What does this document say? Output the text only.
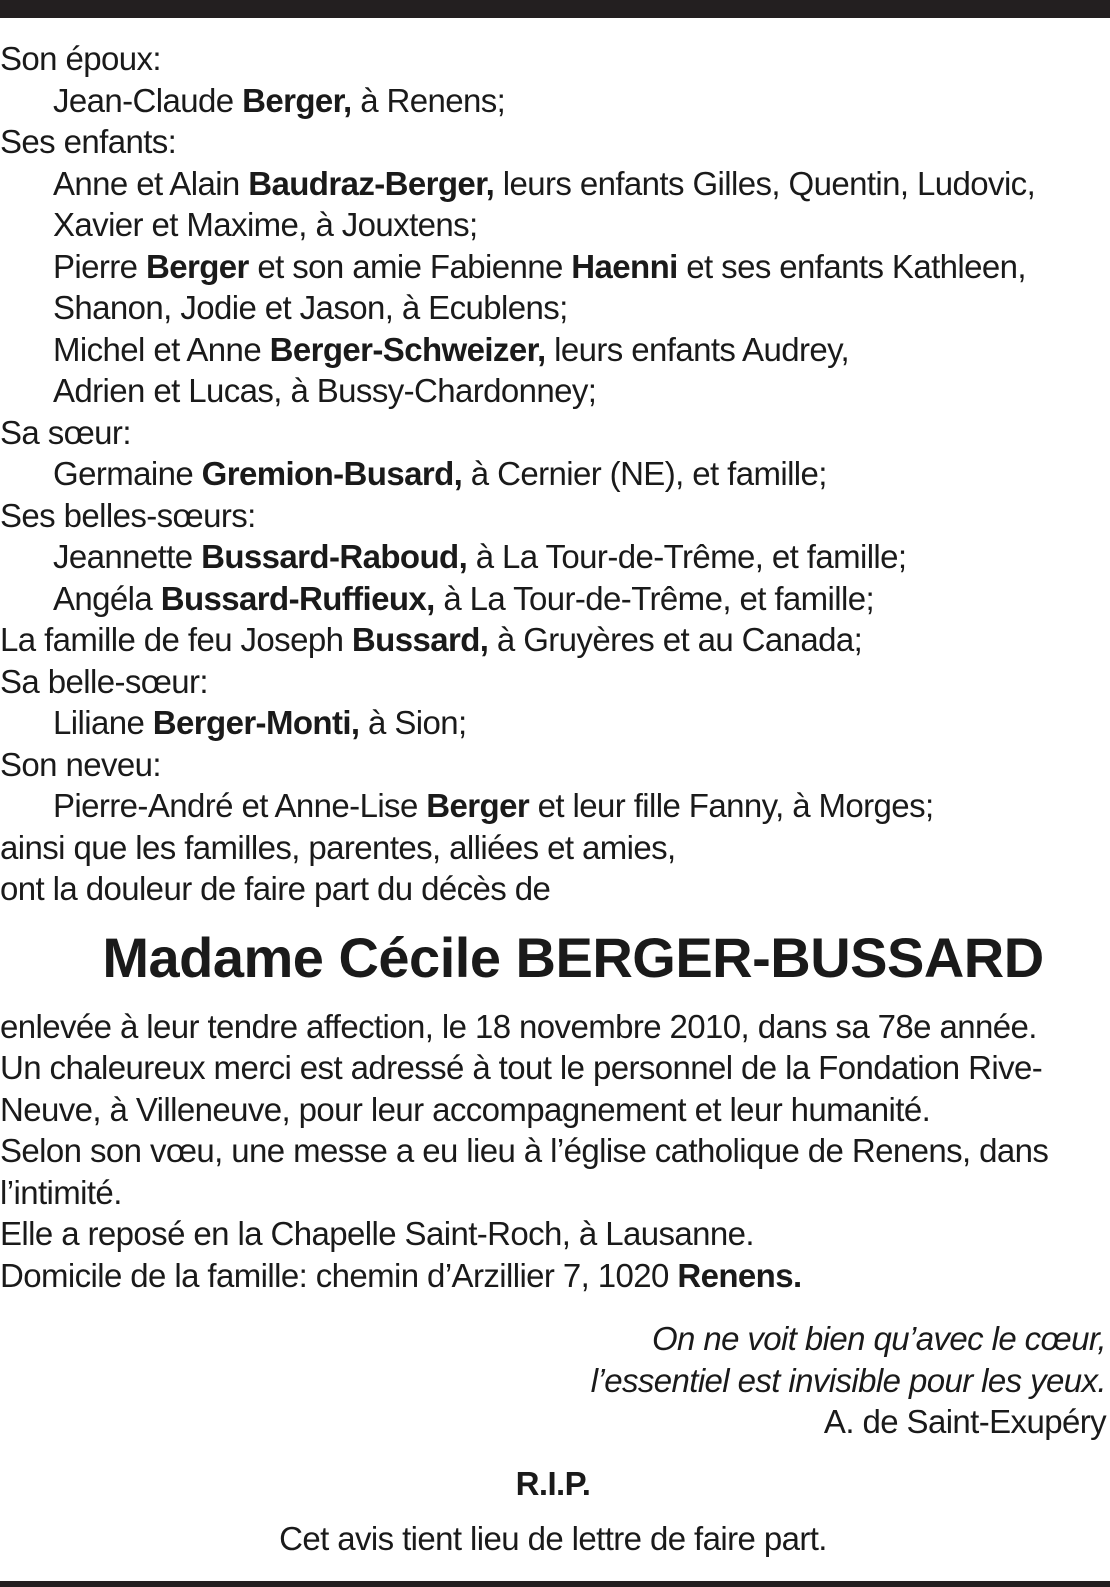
Son époux:
Jean-Claude Berger, à Renens;
Ses enfants:
Anne et Alain Baudraz-Berger, leurs enfants Gilles, Quentin, Ludovic,
Xavier et Maxime, à Jouxtens;
Pierre Berger et son amie Fabienne Haenni et ses enfants Kathleen,
Shanon, Jodie et Jason, à Ecublens;
Michel et Anne Berger-Schweizer, leurs enfants Audrey,
Adrien et Lucas, à Bussy-Chardonney;
Sa sœur:
Germaine Gremion-Busard, à Cernier (NE), et famille;
Ses belles-sœurs:
Jeannette Bussard-Raboud, à La Tour-de-Trême, et famille;
Angéla Bussard-Ruffieux, à La Tour-de-Trême, et famille;
La famille de feu Joseph Bussard, à Gruyères et au Canada;
Sa belle-sœur:
Liliane Berger-Monti, à Sion;
Son neveu:
Pierre-André et Anne-Lise Berger et leur fille Fanny, à Morges;
ainsi que les familles, parentes, alliées et amies,
ont la douleur de faire part du décès de
Madame Cécile BERGER-BUSSARD
enlevée à leur tendre affection, le 18 novembre 2010, dans sa 78e année.
Un chaleureux merci est adressé à tout le personnel de la Fondation Rive-
Neuve, à Villeneuve, pour leur accompagnement et leur humanité.
Selon son vœu, une messe a eu lieu à l’église catholique de Renens, dans
l’intimité.
Elle a reposé en la Chapelle Saint-Roch, à Lausanne.
Domicile de la famille: chemin d’Arzillier 7, 1020 Renens.
On ne voit bien qu’avec le cœur,
l’essentiel est invisible pour les yeux.
A. de Saint-Exupéry
R.I.P.
Cet avis tient lieu de lettre de faire part.
